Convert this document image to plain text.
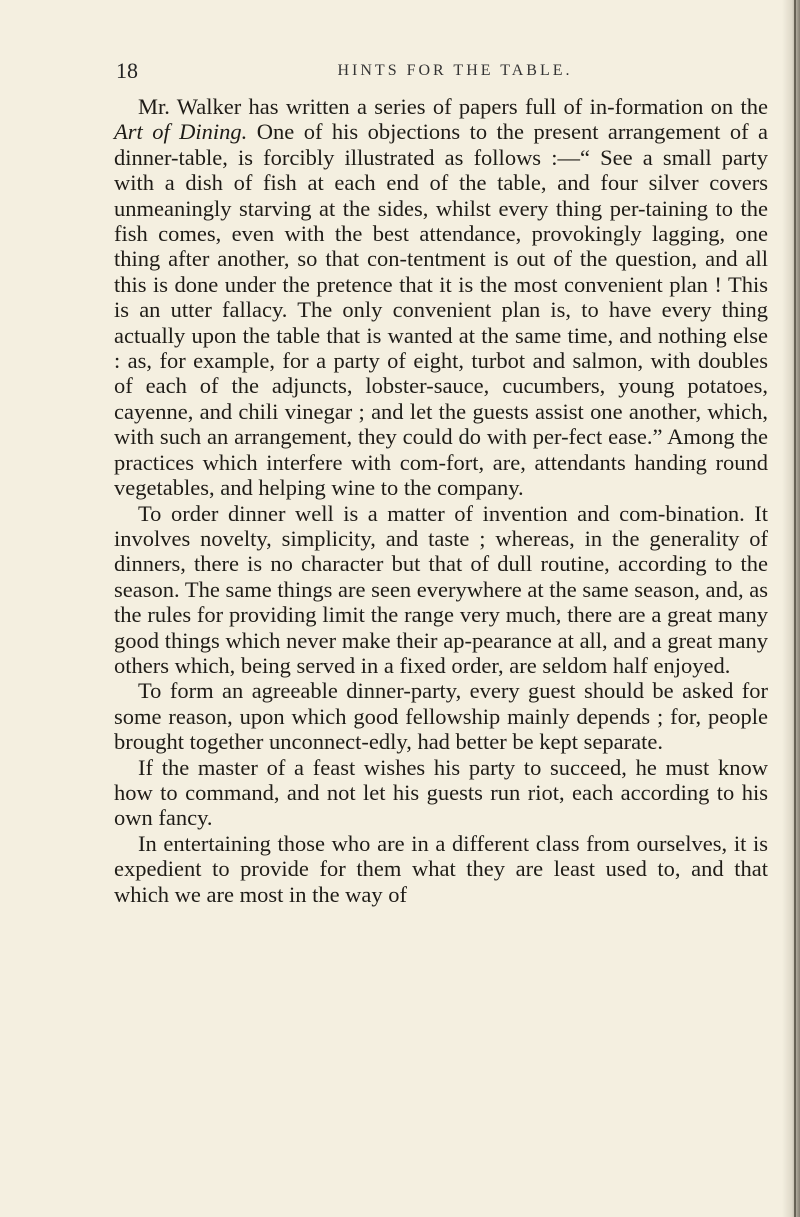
18	HINTS FOR THE TABLE.

Mr. Walker has written a series of papers full of in-formation on the Art of Dining. One of his objections to the present arrangement of a dinner-table, is forcibly illustrated as follows :—“ See a small party with a dish of fish at each end of the table, and four silver covers unmeaningly starving at the sides, whilst every thing per-taining to the fish comes, even with the best attendance, provokingly lagging, one thing after another, so that con-tentment is out of the question, and all this is done under the pretence that it is the most convenient plan ! This is an utter fallacy. The only convenient plan is, to have every thing actually upon the table that is wanted at the same time, and nothing else : as, for example, for a party of eight, turbot and salmon, with doubles of each of the adjuncts, lobster-sauce, cucumbers, young potatoes, cayenne, and chili vinegar ; and let the guests assist one another, which, with such an arrangement, they could do with per-fect ease.” Among the practices which interfere with com-fort, are, attendants handing round vegetables, and helping wine to the company.

To order dinner well is a matter of invention and com-bination. It involves novelty, simplicity, and taste ; whereas, in the generality of dinners, there is no character but that of dull routine, according to the season. The same things are seen everywhere at the same season, and, as the rules for providing limit the range very much, there are a great many good things which never make their ap-pearance at all, and a great many others which, being served in a fixed order, are seldom half enjoyed.

To form an agreeable dinner-party, every guest should be asked for some reason, upon which good fellowship mainly depends ; for, people brought together unconnect-edly, had better be kept separate.

If the master of a feast wishes his party to succeed, he must know how to command, and not let his guests run riot, each according to his own fancy.

In entertaining those who are in a different class from ourselves, it is expedient to provide for them what they are least used to, and that which we are most in the way of
